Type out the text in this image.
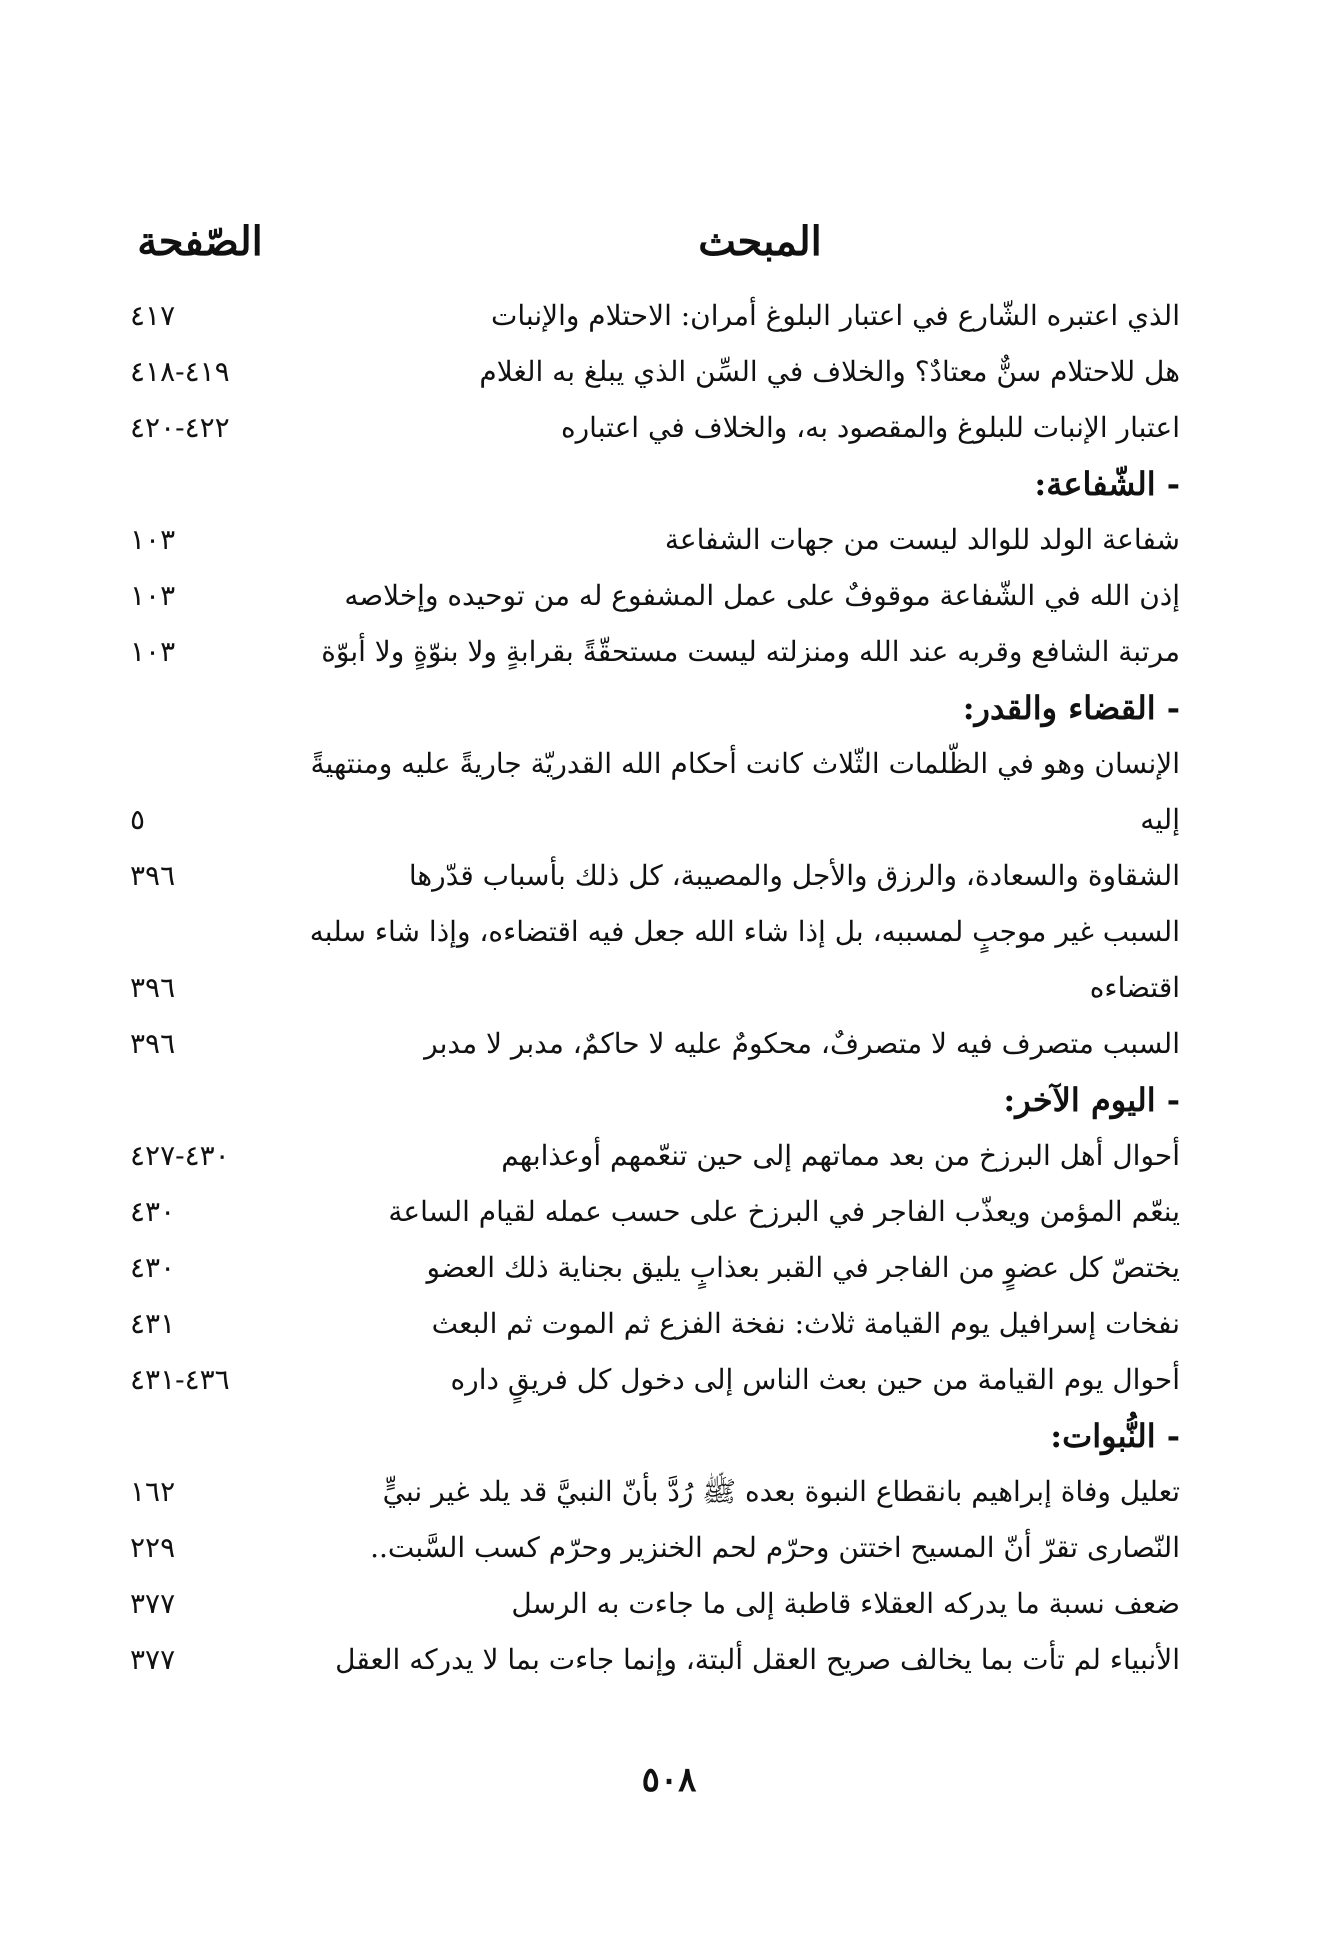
المبحث
الصّفحة
الذي اعتبره الشّارع في اعتبار البلوغ أمران: الاحتلام والإنبات
٤١٧
هل للاحتلام سنٌّ معتادٌ؟ والخلاف في السِّن الذي يبلغ به الغلام
٤١٩-٤١٨
اعتبار الإنبات للبلوغ والمقصود به، والخلاف في اعتباره
٤٢٢-٤٢٠
- الشّفاعة:
شفاعة الولد للوالد ليست من جهات الشفاعة
١٠٣
إذن الله في الشّفاعة موقوفٌ على عمل المشفوع له من توحيده وإخلاصه
١٠٣
مرتبة الشافع وقربه عند الله ومنزلته ليست مستحقّةً بقرابةٍ ولا بنوّةٍ ولا أبوّة
١٠٣
- القضاء والقدر:
الإنسان وهو في الظّلمات الثّلاث كانت أحكام الله القدريّة جاريةً عليه ومنتهيةً إليه
٥
الشقاوة والسعادة، والرزق والأجل والمصيبة، كل ذلك بأسباب قدّرها
٣٩٦
السبب غير موجبٍ لمسببه، بل إذا شاء الله جعل فيه اقتضاءه، وإذا شاء سلبه اقتضاءه
٣٩٦
السبب متصرف فيه لا متصرفٌ، محكومٌ عليه لا حاكمٌ، مدبر لا مدبر
٣٩٦
- اليوم الآخر:
أحوال أهل البرزخ من بعد مماتهم إلى حين تنعّمهم أوعذابهم
٤٣٠-٤٢٧
ينعّم المؤمن ويعذّب الفاجر في البرزخ على حسب عمله لقيام الساعة
٤٣٠
يختصّ كل عضوٍ من الفاجر في القبر بعذابٍ يليق بجناية ذلك العضو
٤٣٠
نفخات إسرافيل يوم القيامة ثلاث: نفخة الفزع ثم الموت ثم البعث
٤٣١
أحوال يوم القيامة من حين بعث الناس إلى دخول كل فريقٍ داره
٤٣٦-٤٣١
- النُّبوات:
تعليل وفاة إبراهيم بانقطاع النبوة بعده ﷺ رُدَّ بأنّ النبيَّ قد يلد غير نبيٍّ
١٦٢
النّصارى تقرّ أنّ المسيح اختتن وحرّم لحم الخنزير وحرّم كسب السَّبت..
٢٢٩
ضعف نسبة ما يدركه العقلاء قاطبة إلى ما جاءت به الرسل
٣٧٧
الأنبياء لم تأت بما يخالف صريح العقل ألبتة، وإنما جاءت بما لا يدركه العقل
٣٧٧
٥٠٨
